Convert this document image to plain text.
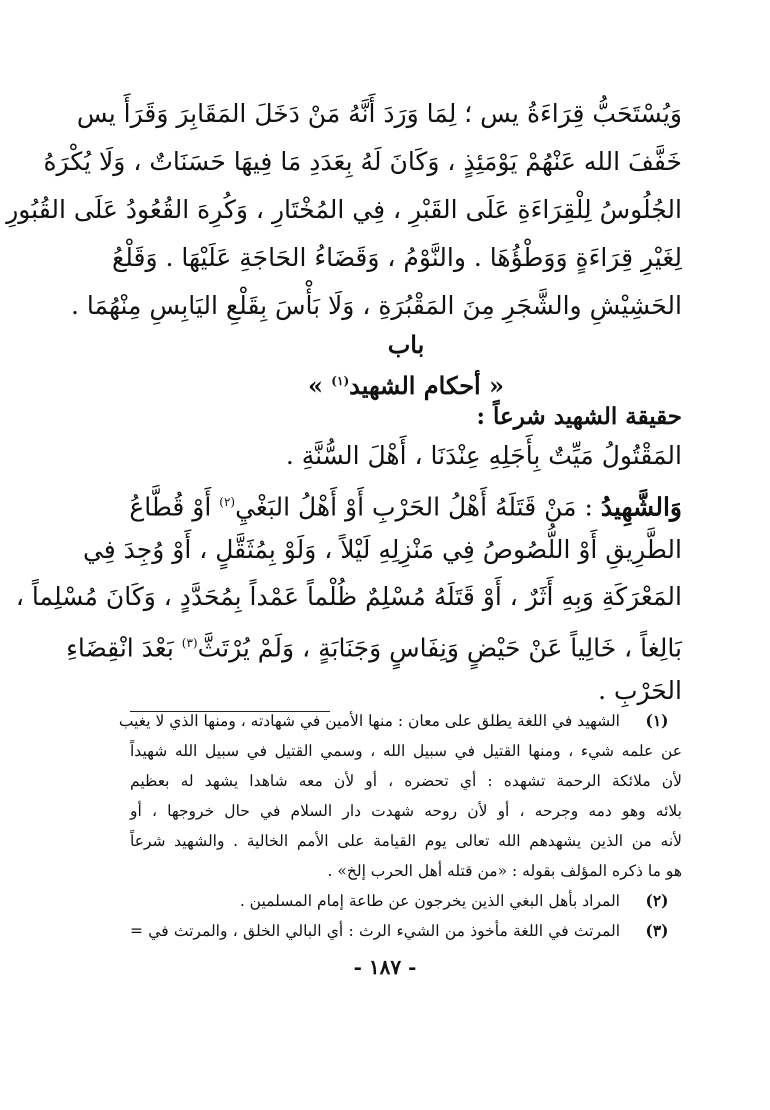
وَيُسْتَحَبُّ قِرَاءَةُ يس ؛ لِمَا وَرَدَ أَنَّهُ مَنْ دَخَلَ المَقَابِرَ وَقَرَأَ يس
خَفَّفَ الله عَنْهُمْ يَوْمَئِذٍ ، وَكَانَ لَهُ بِعَدَدِ مَا فِيهَا حَسَنَاتٌ ، وَلَا يُكْرَهُ
الجُلُوسُ لِلْقِرَاءَةِ عَلَى القَبْرِ ، فِي المُخْتَارِ ، وَكُرِهَ القُعُودُ عَلَى القُبُورِ
لِغَيْرِ قِرَاءَةٍ وَوَطْؤُهَا . والنَّوْمُ ، وَقَضَاءُ الحَاجَةِ عَلَيْهَا . وَقَلْعُ
الحَشِيْشِ والشَّجَرِ مِنَ المَقْبُرَةِ ، وَلَا بَأْسَ بِقَلْعِ اليَابِسِ مِنْهُمَا .
باب
« أحكام الشهيد$^{(١)}$ »
حقيقة الشهيد شرعاً :
المَقْتُولُ مَيِّتٌ بِأَجَلِهِ عِنْدَنَا ، أَهْلَ السُّنَّةِ .
وَالشَّهِيدُ : مَنْ قَتَلَهُ أَهْلُ الحَرْبِ أَوْ أَهْلُ البَغْيِ$^{(٢)}$ أَوْ قُطَّاعُ
الطَّرِيقِ أَوْ اللُّصُوصُ فِي مَنْزِلِهِ لَيْلاً ، وَلَوْ بِمُثَقَّلٍ ، أَوْ وُجِدَ فِي
المَعْرَكَةِ وَبِهِ أَثَرٌ ، أَوْ قَتَلَهُ مُسْلِمٌ ظُلْماً عَمْداً بِمُحَدَّدٍ ، وَكَانَ مُسْلِماً ،
بَالِغاً ، خَالِياً عَنْ حَيْضٍ وَنِفَاسٍ وَجَنَابَةٍ ، وَلَمْ يُرْتَثَّ$^{(٣)}$ بَعْدَ انْقِضَاءِ
الحَرْبِ .
(١)
الشهيد في اللغة يطلق على معان : منها الأمين في شهادته ، ومنها الذي لا يغيب
عن علمه شيء ، ومنها القتيل في سبيل الله ، وسمي القتيل في سبيل الله شهيداً
لأن ملائكة الرحمة تشهده : أي تحضره ، أو لأن معه شاهدا يشهد له بعظيم
بلائه وهو دمه وجرحه ، أو لأن روحه شهدت دار السلام في حال خروجها ، أو
لأنه من الذين يشهدهم الله تعالى يوم القيامة على الأمم الخالية . والشهيد شرعاً
هو ما ذكره المؤلف بقوله : «من قتله أهل الحرب إلخ» .
(٢)
المراد بأهل البغي الذين يخرجون عن طاعة إمام المسلمين .
(٣)
المرتث في اللغة مأخوذ من الشيء الرث : أي البالي الخلق ، والمرتث في =
- ١٨٧ -
